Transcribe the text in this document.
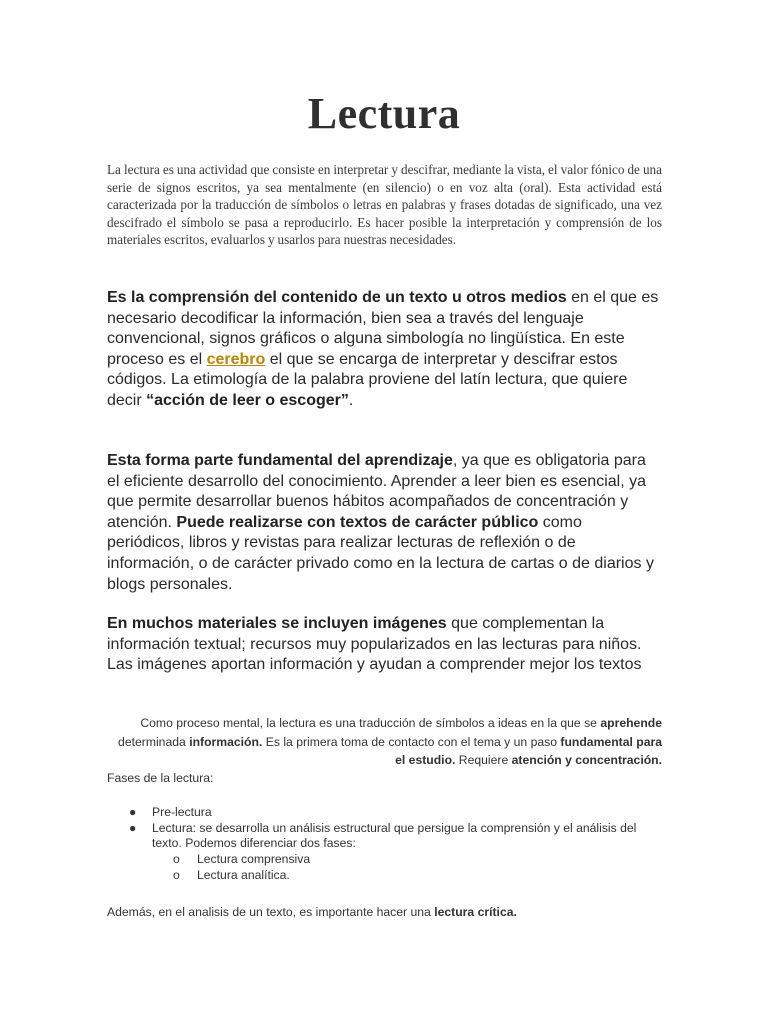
Lectura

La lectura es una actividad que consiste en interpretar y descifrar, mediante la vista, el valor fónico de una serie de signos escritos, ya sea mentalmente (en silencio) o en voz alta (oral). Esta actividad está caracterizada por la traducción de símbolos o letras en palabras y frases dotadas de significado, una vez descifrado el símbolo se pasa a reproducirlo. Es hacer posible la interpretación y comprensión de los materiales escritos, evaluarlos y usarlos para nuestras necesidades.

Es la comprensión del contenido de un texto u otros medios en el que es necesario decodificar la información, bien sea a través del lenguaje convencional, signos gráficos o alguna simbología no lingüística. En este proceso es el cerebro el que se encarga de interpretar y descifrar estos códigos. La etimología de la palabra proviene del latín lectura, que quiere decir “acción de leer o escoger”.

Esta forma parte fundamental del aprendizaje, ya que es obligatoria para el eficiente desarrollo del conocimiento. Aprender a leer bien es esencial, ya que permite desarrollar buenos hábitos acompañados de concentración y atención. Puede realizarse con textos de carácter público como periódicos, libros y revistas para realizar lecturas de reflexión o de información, o de carácter privado como en la lectura de cartas o de diarios y blogs personales.

En muchos materiales se incluyen imágenes que complementan la información textual; recursos muy popularizados en las lecturas para niños. Las imágenes aportan información y ayudan a comprender mejor los textos

Como proceso mental, la lectura es una traducción de símbolos a ideas en la que se aprehende determinada información. Es la primera toma de contacto con el tema y un paso fundamental para el estudio. Requiere atención y concentración.

Fases de la lectura:

● Pre-lectura
● Lectura: se desarrolla un análisis estructural que persigue la comprensión y el análisis del texto. Podemos diferenciar dos fases:
o Lectura comprensiva
o Lectura analítica.

Además, en el analisis de un texto, es importante hacer una lectura crítica.
